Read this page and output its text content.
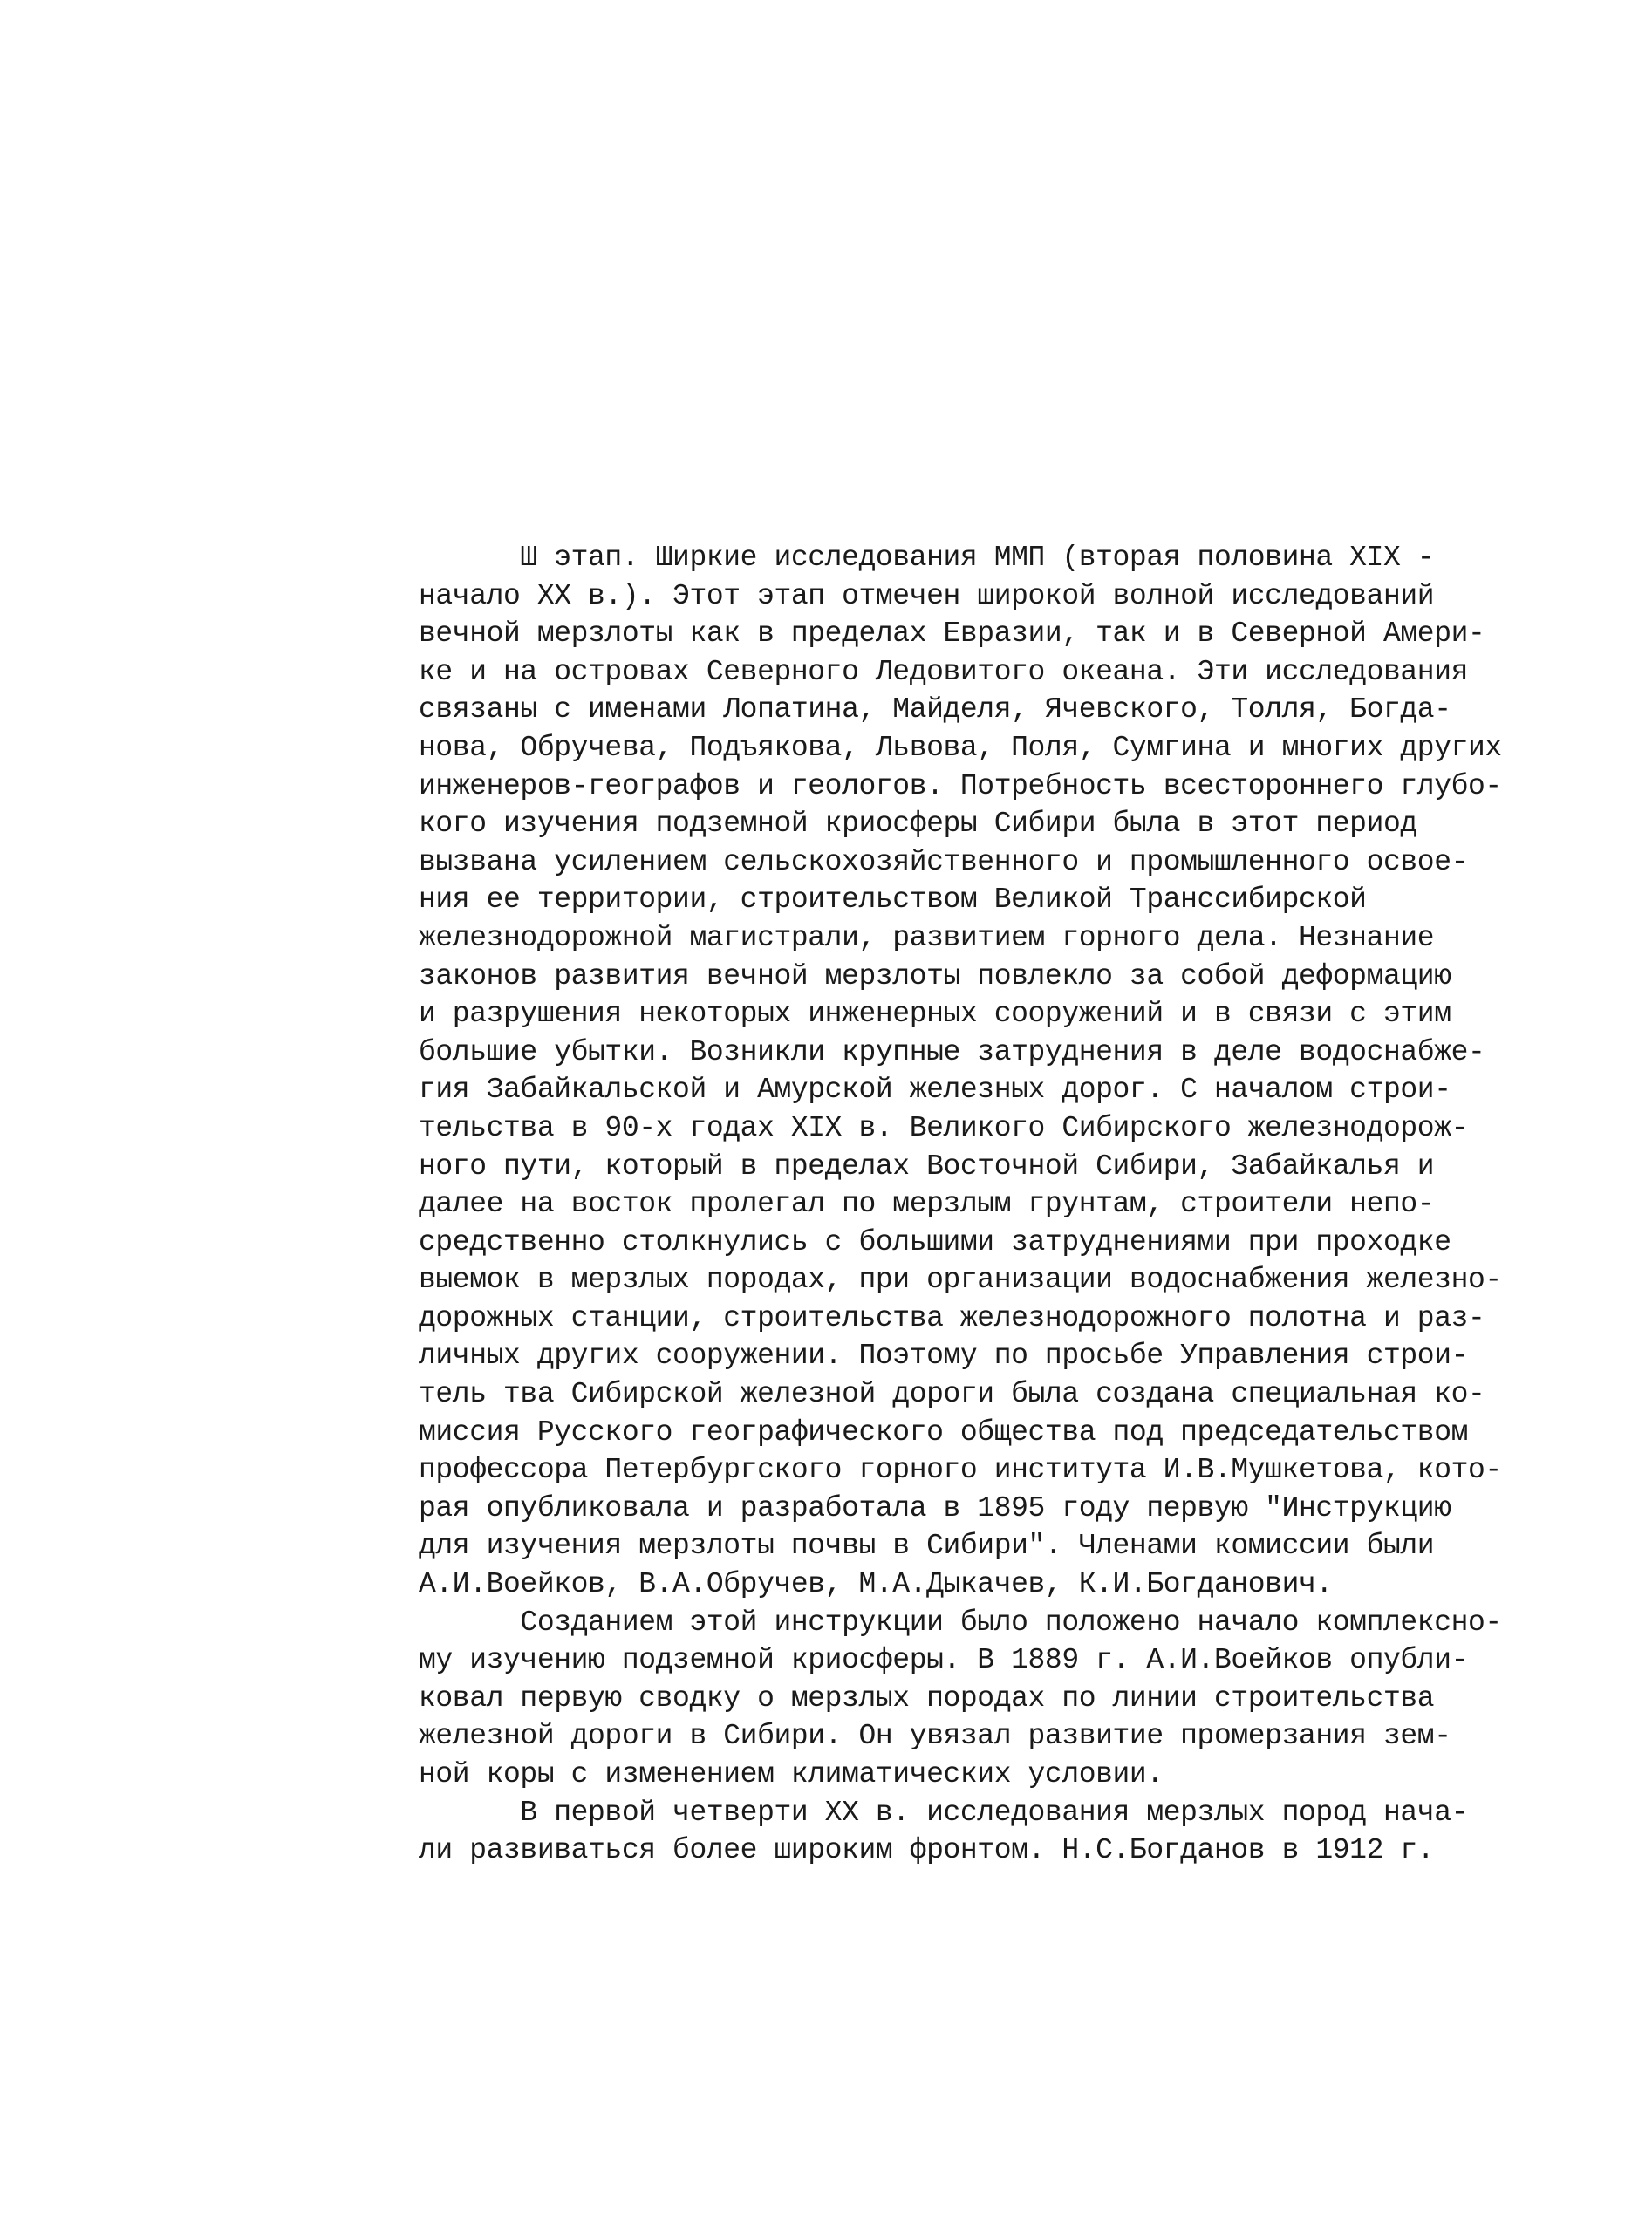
Ш этап. Ширкие исследования ММП (вторая половина XIX -
начало XX в.). Этот этап отмечен широкой волной исследований
вечной мерзлоты как в пределах Евразии, так и в Северной Амери-
ке и на островах Северного Ледовитого океана. Эти исследования
связаны с именами Лопатина, Майделя, Ячевского, Толля, Богда-
нова, Обручева, Подъякова, Львова, Поля, Сумгина и многих других
инженеров-географов и геологов. Потребность всестороннего глубо-
кого изучения подземной криосферы Сибири была в этот период
вызвана усилением сельскохозяйственного и промышленного освое-
ния ее территории, строительством Великой Транссибирской
железнодорожной магистрали, развитием горного дела. Незнание
законов развития вечной мерзлоты повлекло за собой деформацию
и разрушения некоторых инженерных сооружений и в связи с этим
большие убытки. Возникли крупные затруднения в деле водоснабже-
гия Забайкальской и Амурской железных дорог. С началом строи-
тельства в 90-х годах XIX в. Великого Сибирского железнодорож-
ного пути, который в пределах Восточной Сибири, Забайкалья и
далее на восток пролегал по мерзлым грунтам, строители непо-
средственно столкнулись с большими затруднениями при проходке
выемок в мерзлых породах, при организации водоснабжения железно-
дорожных станции, строительства железнодорожного полотна и раз-
личных других сооружении. Поэтому по просьбе Управления строи-
тель тва Сибирской железной дороги была создана специальная ко-
миссия Русского географического общества под председательством
профессора Петербургского горного института И.В.Мушкетова, кото-
рая опубликовала и разработала в 1895 году первую "Инструкцию
для изучения мерзлоты почвы в Сибири". Членами комиссии были
А.И.Воейков, В.А.Обручев, М.А.Дыкачев, К.И.Богданович.
Созданием этой инструкции было положено начало комплексно-
му изучению подземной криосферы. В 1889 г. А.И.Воейков опубли-
ковал первую сводку о мерзлых породах по линии строительства
железной дороги в Сибири. Он увязал развитие промерзания зем-
ной коры с изменением климатических условии.
В первой четверти XX в. исследования мерзлых пород нача-
ли развиваться более широким фронтом. Н.С.Богданов в 1912 г.
